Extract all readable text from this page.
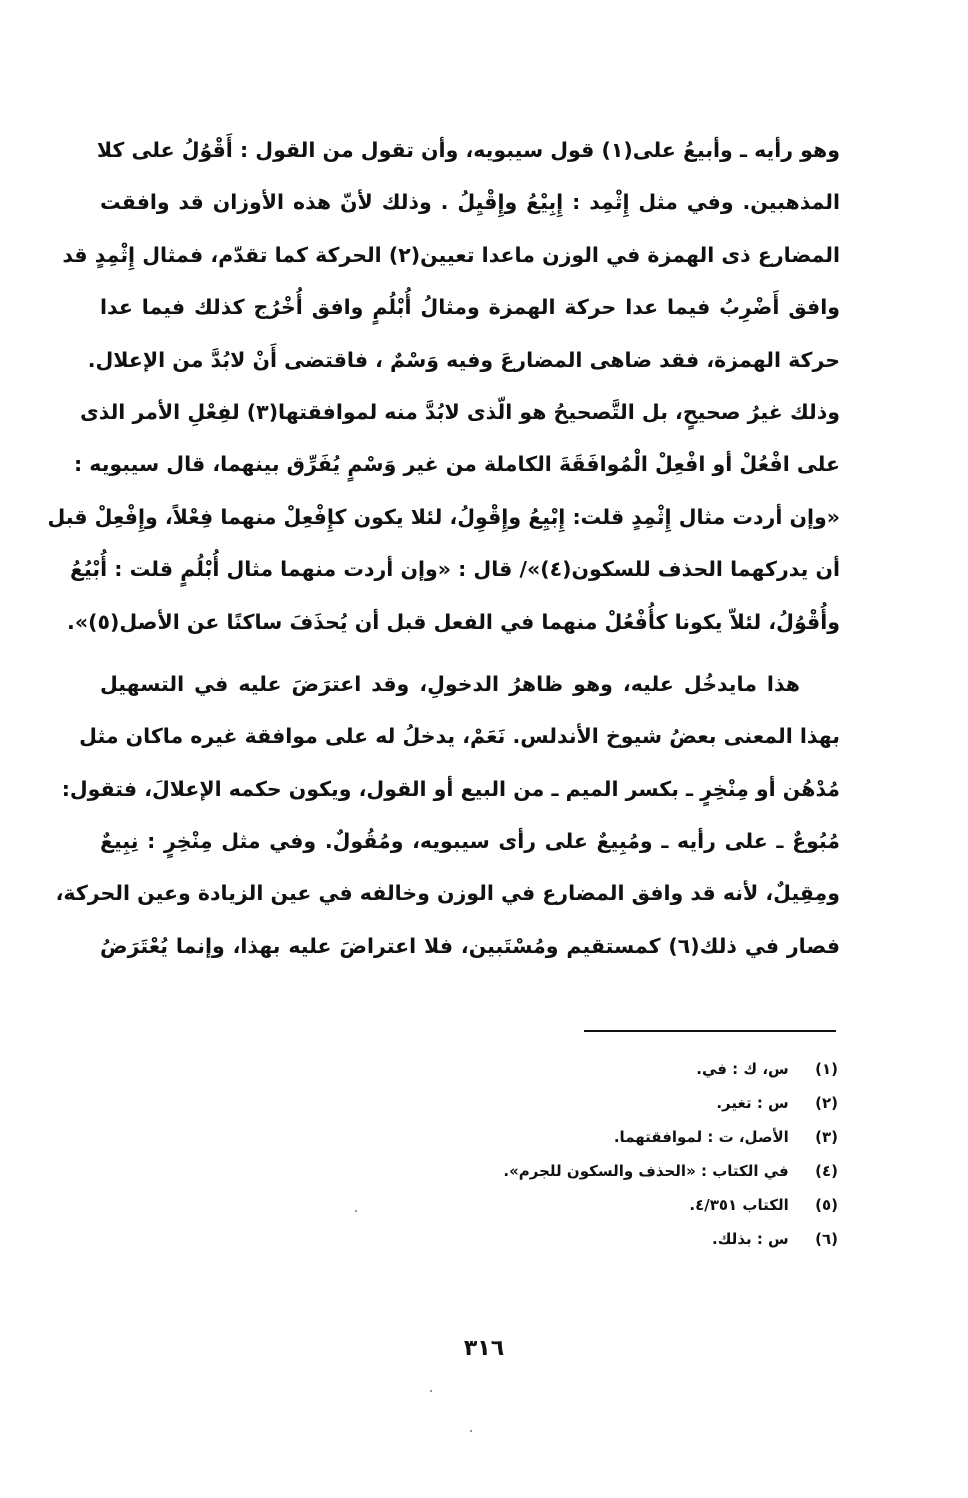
وهو رأيه ـ وأبيعُ على(١) قول سيبويه، وأن تقول من القول : أَقْوُلُ على كلا
المذهبين. وفي مثل إِثْمِد : إِبِيْعُ وإِقْيِلُ . وذلك لأنّ هذه الأوزان قد وافقت
المضارع ذى الهمزة في الوزن ماعدا تعيين(٢) الحركة كما تقدّم، فمثال إِثْمِدٍ قد
وافق أَضْرِبُ فيما عدا حركة الهمزة ومثالُ أُبْلُمٍ وافق أُخْرُج كذلك فيما عدا
حركة الهمزة، فقد ضاهى المضارعَ وفيه وَسْمٌ ، فاقتضى أَنْ لابُدَّ من الإعلال.
وذلك غيرُ صحيحٍ، بل التَّصحيحُ هو الّذى لابُدَّ منه لموافقتها(٣) لفِعْلِ الأمر الذى
على افْعُلْ أو افْعِلْ الْمُوافَقَةَ الكاملة من غير وَسْمٍ يُفَرِّق بينهما، قال سيبويه :
«وإن أردت مثال إِثْمِدٍ قلت: إِبْيِعُ وإِقْوِلُ، لئلا يكون كإِفْعِلْ منهما فِعْلاً، وإِفْعِلْ قبل
أن يدركهما الحذف للسكون(٤)»/ قال : «وإن أردت منهما مثال أُبْلُمٍ قلت : أُبْيُعُ
وأُقْوُلُ، لئلاّ يكونا كأُفْعُلْ منهما في الفعل قبل أن يُحذَفَ ساكنًا عن الأصل(٥)».
هذا مايدخُل عليه، وهو ظاهرُ الدخولِ، وقد اعترَضَ عليه في التسهيل
بهذا المعنى بعضُ شيوخ الأندلس. نَعَمْ، يدخلُ له على موافقة غيره ماكان مثل
مُدْهُن أو مِنْخِرٍ ـ بكسر الميم ـ من البيع أو القول، ويكون حكمه الإعلالَ، فتقول:
مُبُوعٌ ـ على رأيه ـ ومُبِيعٌ على رأى سيبويه، ومُقُولٌ. وفي مثل مِنْخِرٍ : نِبِيعٌ
ومِقِيلٌ، لأنه قد وافق المضارع في الوزن وخالفه في عين الزيادة وعين الحركة،
فصار في ذلك(٦) كمستقيم ومُسْتَبين، فلا اعتراضَ عليه بهذا، وإنما يُعْتَرَضُ
(١) س، ك : في.
(٢) س : تغير.
(٣) الأصل، ت : لموافقتهما.
(٤) في الكتاب : «الحذف والسكون للجرم».
(٥) الكتاب ٤/٣٥١.
(٦) س : بذلك.
٣١٦
